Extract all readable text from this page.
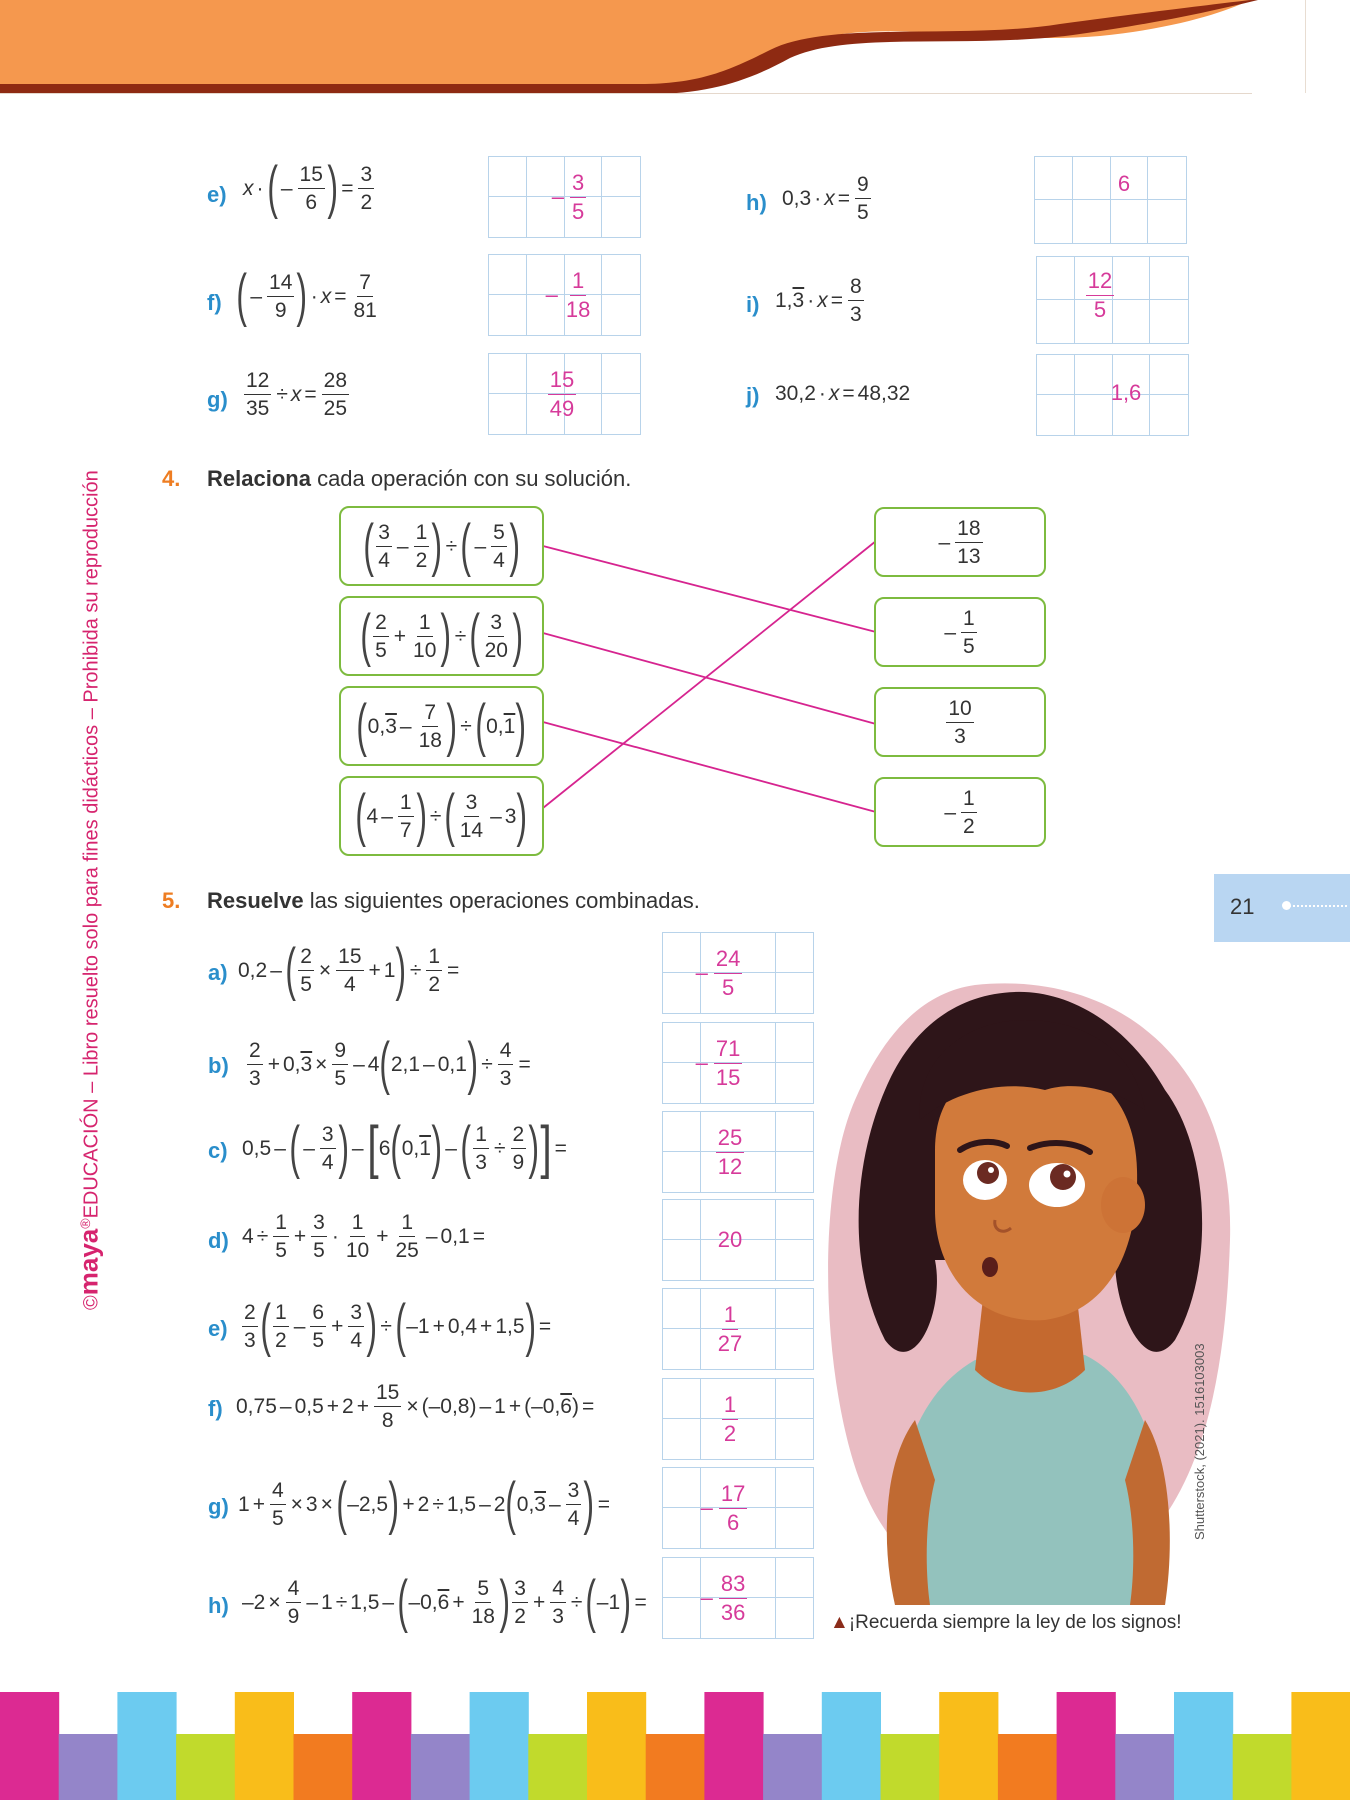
©maya®EDUCACIÓN – Libro resuelto solo para fines didácticos – Prohibida su reproducción	21
e) x · ( –
15
6 ) = $\frac{3}{2}$	–
3
5
f) ( –
14
9 ) · $x = \frac{7}{81}$	–
1
18
$g) \frac{12}{35} \div x = \frac{28}{25}$	15
49
h) $0,3 \cdot x = \frac{9}{5}$	6
i) $1,3 \cdot x = \frac{8}{3}$	12
5
j) 30,2 · x = 48,32	1,6
4. Relaciona cada operación con su solución.
( 3
4
–
1
2 ) ÷ ( –
5
4 )
( 2
5
+ $\frac{1}{10}$ ) ÷ ( 3
20 )
( 0,3 –
7
18 ) ÷ ( 0,1 )
( 4 –
1
7 ) ÷ ( 3
14
– 3 )
–
18
13
–
1
5
10
3
–
1
2
5. Resuelve las siguientes operaciones combinadas.
a) 0,2 – ( $\frac{2}{5} \times \frac{15}{4} + 1$ ) ÷ $\frac{1}{2}$ =	–
24
5
b)
2
3
+ $0,3 \times \frac{9}{5} - 4$ ( 2,1 – 0,1 ) ÷ $\frac{4}{3}$ =	–
71
15
c) 0,5 – ( –
3
4 ) – [ 6 ( 0,1 ) – ( $\frac{1}{3} \div \frac{2}{9}$ ) ] =	25
12
d) $4 \div \frac{1}{5} + \frac{3}{5}$ ·
1
10
+ $\frac{1}{25} - 0,1$ =	20
e)
2
3 ( 1
2
–
6
5
+ $\frac{3}{4}$ ) ÷ ( –1 + 0,4 + 1,5 ) =	1
27
f) $0,75 - 0,5 + 2 + \frac{15}{8} \times (-0,8) - 1 + (-0,6)$ =	1
2
g) $1 + \frac{4}{5} \times 3$ × ( –2,5 ) + 2 ÷ 1,5 – 2 ( 0,3 –
3
4 ) =	–
17
6
h) $-2 \times \frac{4}{9} - 1 \div 1,5$ – ( $-0,6 + \frac{5}{18}$ ) 3
2
+ $\frac{4}{3}$ ÷ ( –1 ) = –
83
36	▲¡Recuerda siempre la ley de los signos!
Shutterstock, (2021). 1516103003
